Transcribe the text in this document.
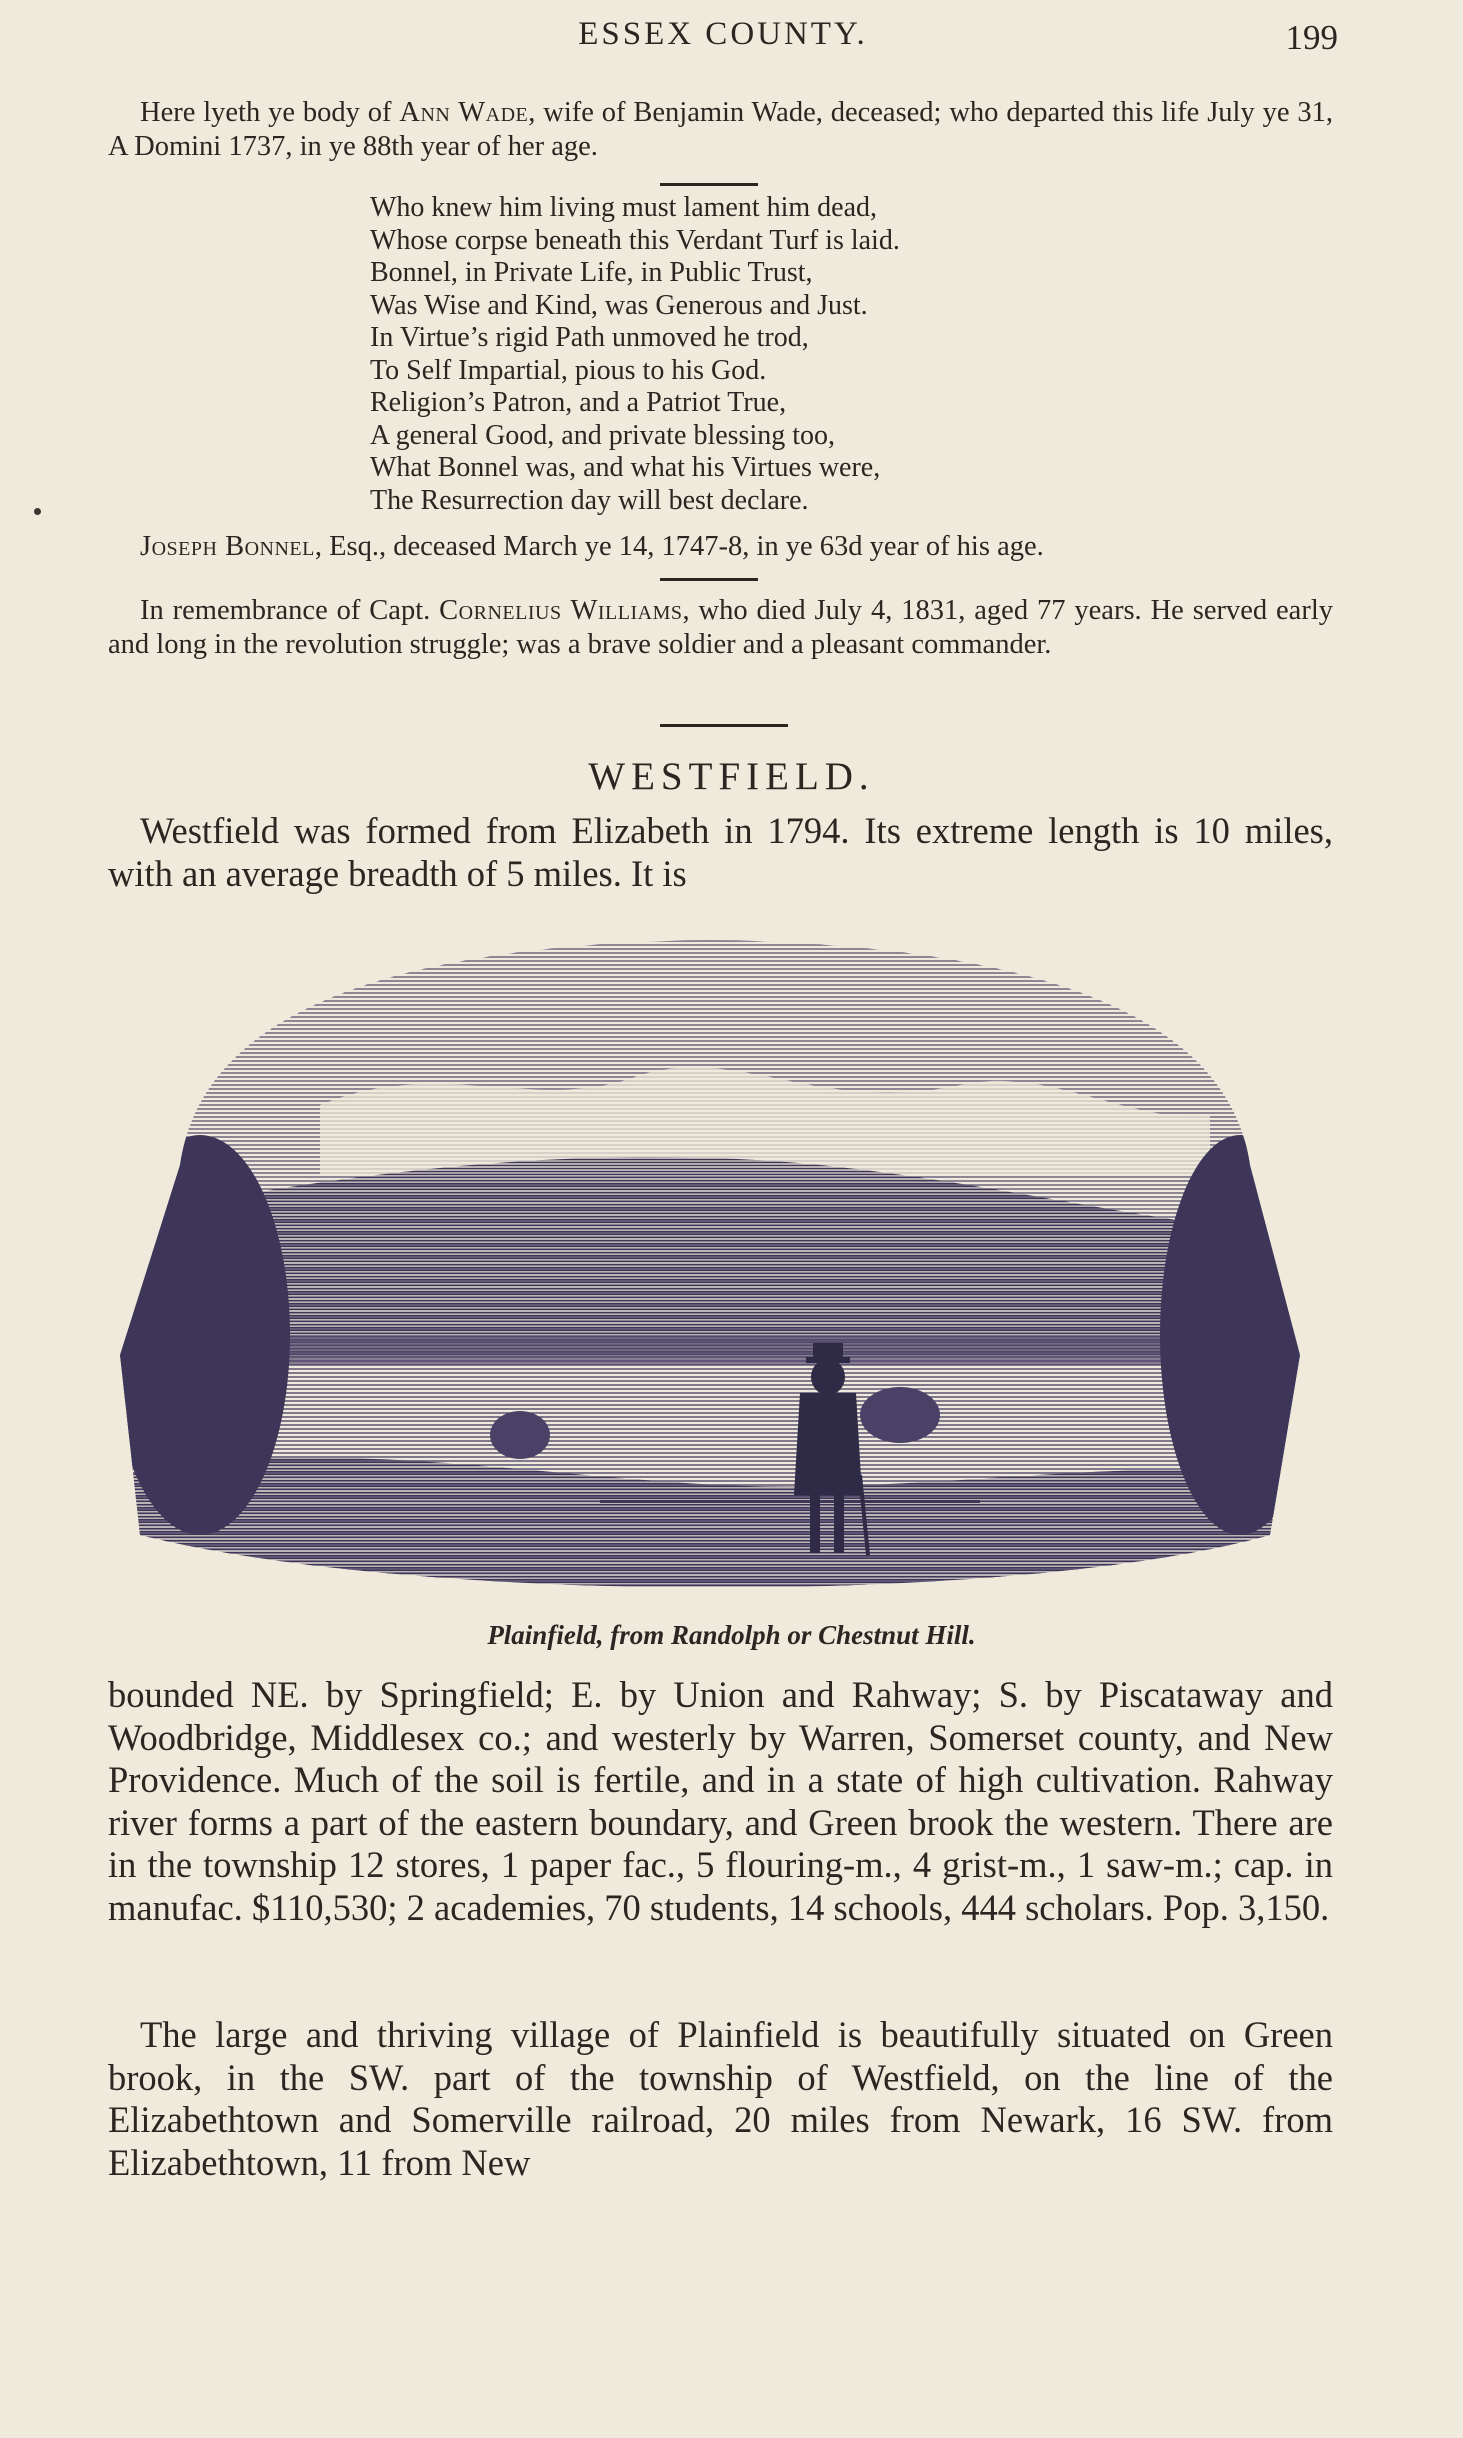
ESSEX COUNTY.	199
Here lyeth ye body of Ann Wade, wife of Benjamin Wade, deceased; who departed this life July ye 31, A Domini 1737, in ye 88th year of her age.
Who knew him living must lament him dead,
Whose corpse beneath this Verdant Turf is laid.
Bonnel, in Private Life, in Public Trust,
Was Wise and Kind, was Generous and Just.
In Virtue’s rigid Path unmoved he trod,
To Self Impartial, pious to his God.
Religion’s Patron, and a Patriot True,
A general Good, and private blessing too,
What Bonnel was, and what his Virtues were,
The Resurrection day will best declare.
Joseph Bonnel, Esq., deceased March ye 14, 1747-8, in ye 63d year of his age.
In remembrance of Capt. Cornelius Williams, who died July 4, 1831, aged 77 years. He served early and long in the revolution struggle; was a brave soldier and a pleasant commander.
WESTFIELD.
Westfield was formed from Elizabeth in 1794. Its extreme length is 10 miles, with an average breadth of 5 miles. It is
Plainfield, from Randolph or Chestnut Hill.
bounded NE. by Springfield; E. by Union and Rahway; S. by Piscataway and Woodbridge, Middlesex co.; and westerly by Warren, Somerset county, and New Providence. Much of the soil is fertile, and in a state of high cultivation. Rahway river forms a part of the eastern boundary, and Green brook the western. There are in the township 12 stores, 1 paper fac., 5 flouring-m., 4 grist-m., 1 saw-m.; cap. in manufac. $110,530; 2 academies, 70 students, 14 schools, 444 scholars. Pop. 3,150.
The large and thriving village of Plainfield is beautifully situated on Green brook, in the SW. part of the township of Westfield, on the line of the Elizabethtown and Somerville railroad, 20 miles from Newark, 16 SW. from Elizabethtown, 11 from New
